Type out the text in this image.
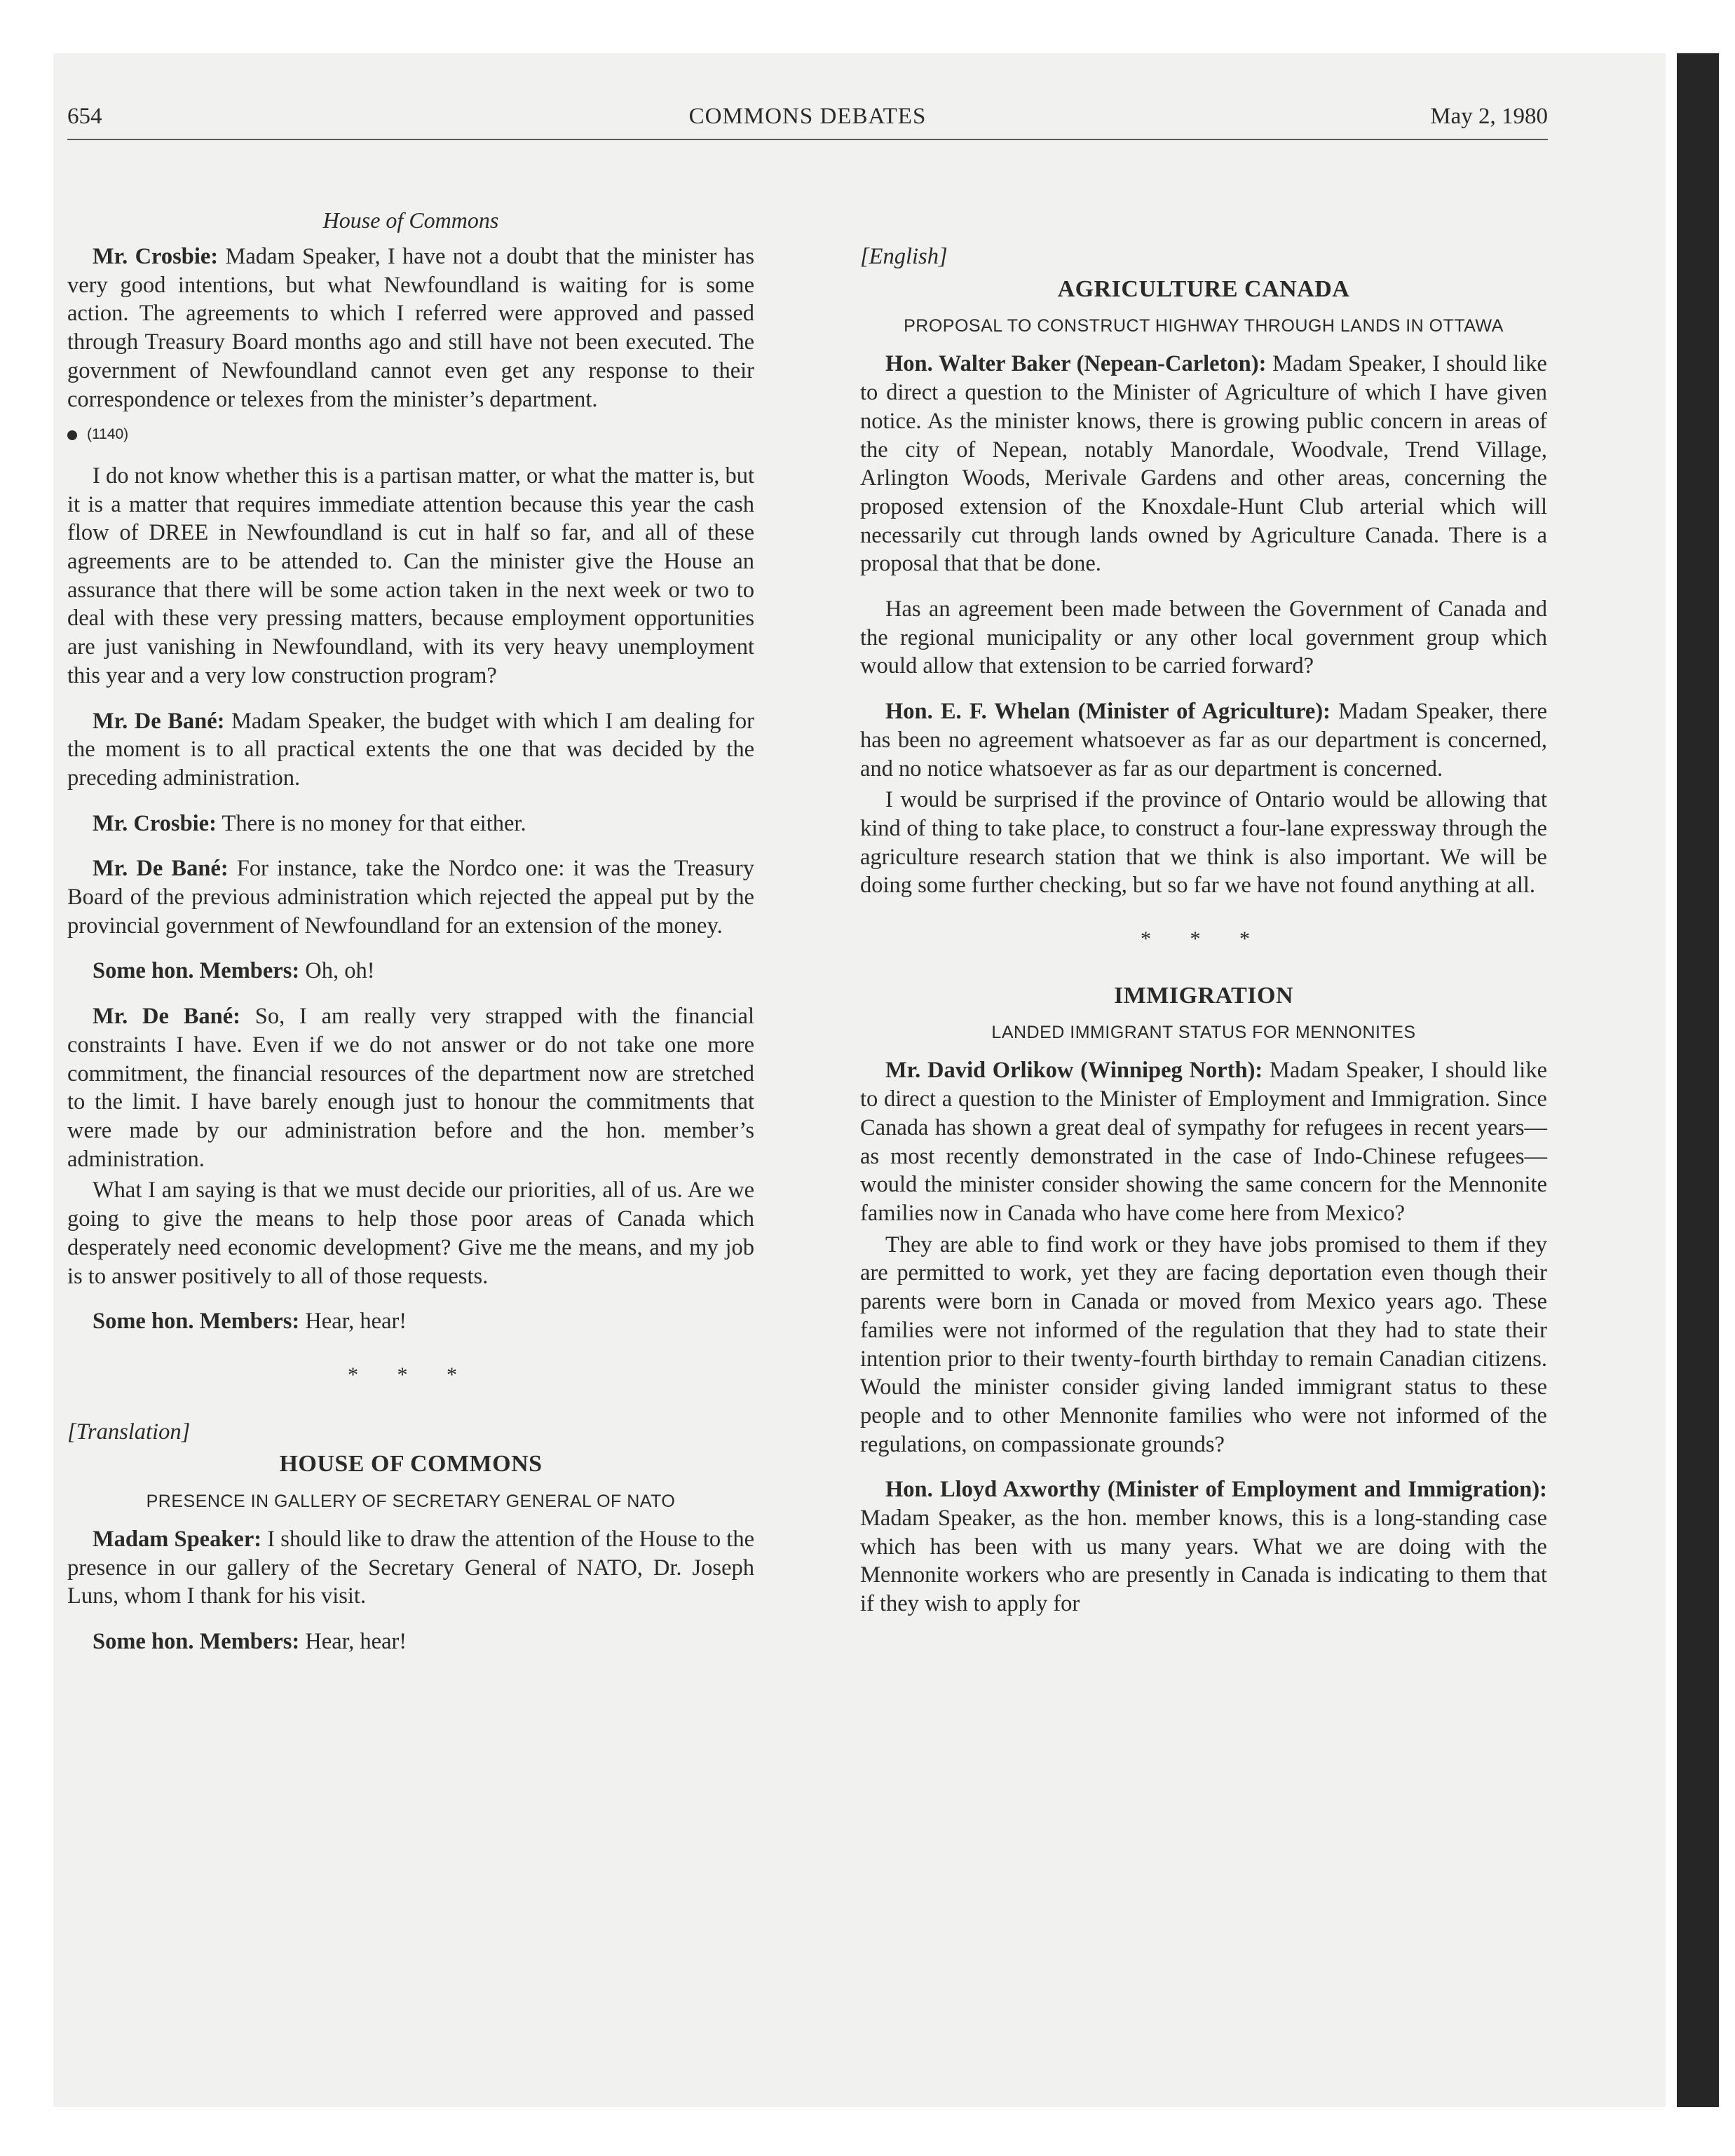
654	COMMONS DEBATES	May 2, 1980
House of Commons

Mr. Crosbie: Madam Speaker, I have not a doubt that the minister has very good intentions, but what Newfoundland is waiting for is some action. The agreements to which I referred were approved and passed through Treasury Board months ago and still have not been executed. The government of Newfoundland cannot even get any response to their correspondence or telexes from the minister’s department.

(1140)

I do not know whether this is a partisan matter, or what the matter is, but it is a matter that requires immediate attention because this year the cash flow of DREE in Newfoundland is cut in half so far, and all of these agreements are to be attended to. Can the minister give the House an assurance that there will be some action taken in the next week or two to deal with these very pressing matters, because employment opportunities are just vanishing in Newfoundland, with its very heavy unemployment this year and a very low construction program?

Mr. De Bané: Madam Speaker, the budget with which I am dealing for the moment is to all practical extents the one that was decided by the preceding administration.

Mr. Crosbie: There is no money for that either.

Mr. De Bané: For instance, take the Nordco one: it was the Treasury Board of the previous administration which rejected the appeal put by the provincial government of Newfoundland for an extension of the money.

Some hon. Members: Oh, oh!

Mr. De Bané: So, I am really very strapped with the financial constraints I have. Even if we do not answer or do not take one more commitment, the financial resources of the department now are stretched to the limit. I have barely enough just to honour the commitments that were made by our administration before and the hon. member’s administration.

What I am saying is that we must decide our priorities, all of us. Are we going to give the means to help those poor areas of Canada which desperately need economic development? Give me the means, and my job is to answer positively to all of those requests.

Some hon. Members: Hear, hear!

* * *
[Translation]
HOUSE OF COMMONS
PRESENCE IN GALLERY OF SECRETARY GENERAL OF NATO

Madam Speaker: I should like to draw the attention of the House to the presence in our gallery of the Secretary General of NATO, Dr. Joseph Luns, whom I thank for his visit.

Some hon. Members: Hear, hear!

[English]
AGRICULTURE CANADA
PROPOSAL TO CONSTRUCT HIGHWAY THROUGH LANDS IN OTTAWA

Hon. Walter Baker (Nepean-Carleton): Madam Speaker, I should like to direct a question to the Minister of Agriculture of which I have given notice. As the minister knows, there is growing public concern in areas of the city of Nepean, notably Manordale, Woodvale, Trend Village, Arlington Woods, Merivale Gardens and other areas, concerning the proposed extension of the Knoxdale-Hunt Club arterial which will necessarily cut through lands owned by Agriculture Canada. There is a proposal that that be done.

Has an agreement been made between the Government of Canada and the regional municipality or any other local government group which would allow that extension to be carried forward?

Hon. E. F. Whelan (Minister of Agriculture): Madam Speaker, there has been no agreement whatsoever as far as our department is concerned, and no notice whatsoever as far as our department is concerned.

I would be surprised if the province of Ontario would be allowing that kind of thing to take place, to construct a four-lane expressway through the agriculture research station that we think is also important. We will be doing some further checking, but so far we have not found anything at all.

* * *
IMMIGRATION
LANDED IMMIGRANT STATUS FOR MENNONITES

Mr. David Orlikow (Winnipeg North): Madam Speaker, I should like to direct a question to the Minister of Employment and Immigration. Since Canada has shown a great deal of sympathy for refugees in recent years—as most recently demonstrated in the case of Indo-Chinese refugees—would the minister consider showing the same concern for the Mennonite families now in Canada who have come here from Mexico?

They are able to find work or they have jobs promised to them if they are permitted to work, yet they are facing deportation even though their parents were born in Canada or moved from Mexico years ago. These families were not informed of the regulation that they had to state their intention prior to their twenty-fourth birthday to remain Canadian citizens. Would the minister consider giving landed immigrant status to these people and to other Mennonite families who were not informed of the regulations, on compassionate grounds?

Hon. Lloyd Axworthy (Minister of Employment and Immigration): Madam Speaker, as the hon. member knows, this is a long-standing case which has been with us many years. What we are doing with the Mennonite workers who are presently in Canada is indicating to them that if they wish to apply for
